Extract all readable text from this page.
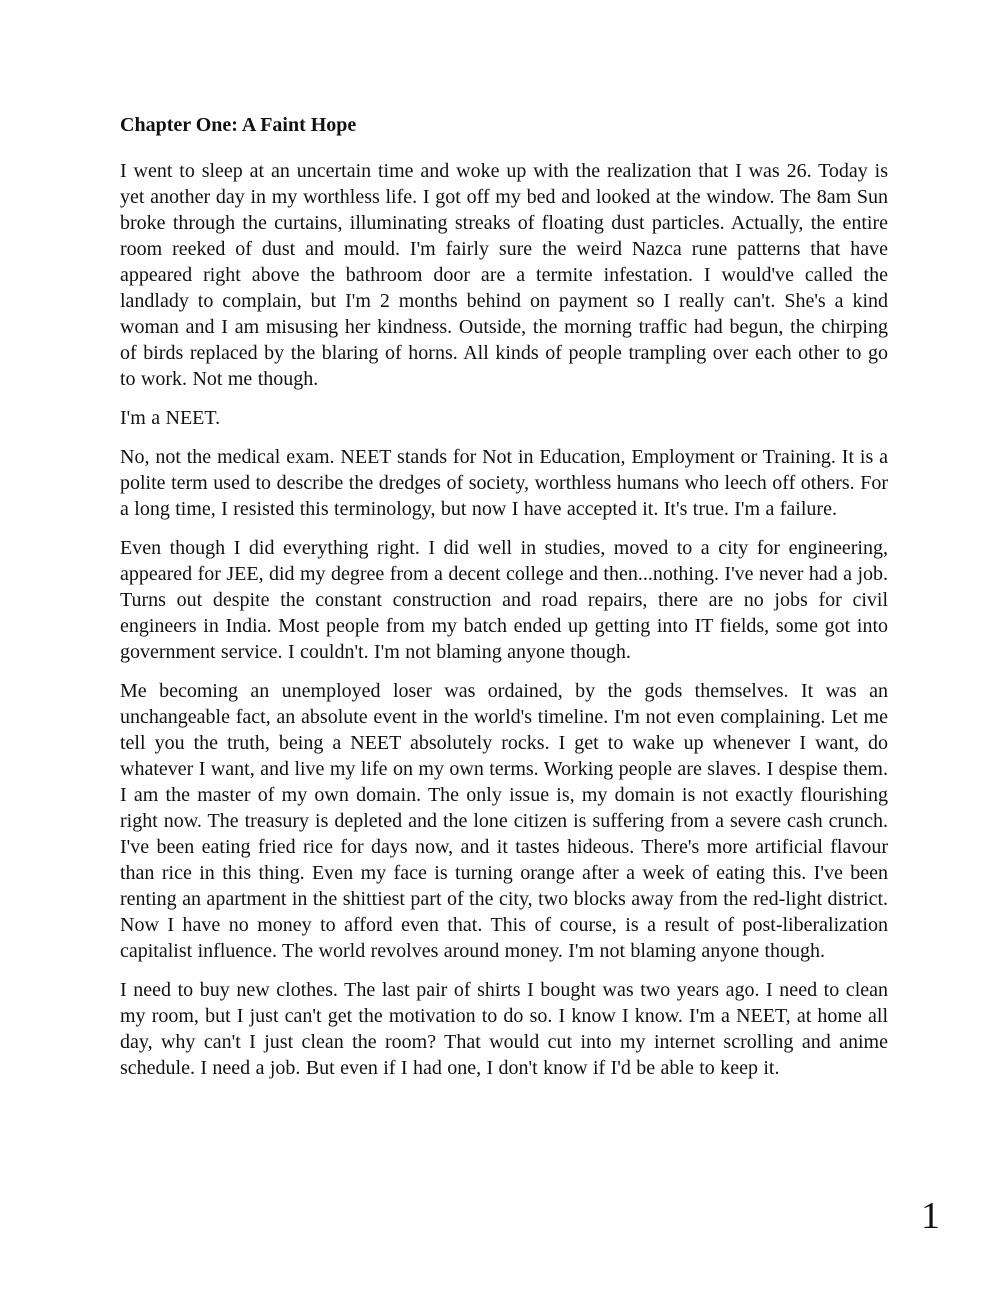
Chapter One: A Faint Hope

I went to sleep at an uncertain time and woke up with the realization that I was 26. Today is yet another day in my worthless life. I got off my bed and looked at the window. The 8am Sun broke through the curtains, illuminating streaks of floating dust particles. Actually, the entire room reeked of dust and mould. I'm fairly sure the weird Nazca rune patterns that have appeared right above the bathroom door are a termite infestation. I would've called the landlady to complain, but I'm 2 months behind on payment so I really can't. She's a kind woman and I am misusing her kindness. Outside, the morning traffic had begun, the chirping of birds replaced by the blaring of horns. All kinds of people trampling over each other to go to work. Not me though.

I'm a NEET.

No, not the medical exam. NEET stands for Not in Education, Employment or Training. It is a polite term used to describe the dredges of society, worthless humans who leech off others. For a long time, I resisted this terminology, but now I have accepted it. It's true. I'm a failure.

Even though I did everything right. I did well in studies, moved to a city for engineering, appeared for JEE, did my degree from a decent college and then...nothing. I've never had a job. Turns out despite the constant construction and road repairs, there are no jobs for civil engineers in India. Most people from my batch ended up getting into IT fields, some got into government service. I couldn't. I'm not blaming anyone though.

Me becoming an unemployed loser was ordained, by the gods themselves. It was an unchangeable fact, an absolute event in the world's timeline. I'm not even complaining. Let me tell you the truth, being a NEET absolutely rocks. I get to wake up whenever I want, do whatever I want, and live my life on my own terms. Working people are slaves. I despise them. I am the master of my own domain. The only issue is, my domain is not exactly flourishing right now. The treasury is depleted and the lone citizen is suffering from a severe cash crunch. I've been eating fried rice for days now, and it tastes hideous. There's more artificial flavour than rice in this thing. Even my face is turning orange after a week of eating this. I've been renting an apartment in the shittiest part of the city, two blocks away from the red-light district. Now I have no money to afford even that. This of course, is a result of post-liberalization capitalist influence. The world revolves around money. I'm not blaming anyone though.

I need to buy new clothes. The last pair of shirts I bought was two years ago. I need to clean my room, but I just can't get the motivation to do so. I know I know. I'm a NEET, at home all day, why can't I just clean the room? That would cut into my internet scrolling and anime schedule. I need a job. But even if I had one, I don't know if I'd be able to keep it.

1
